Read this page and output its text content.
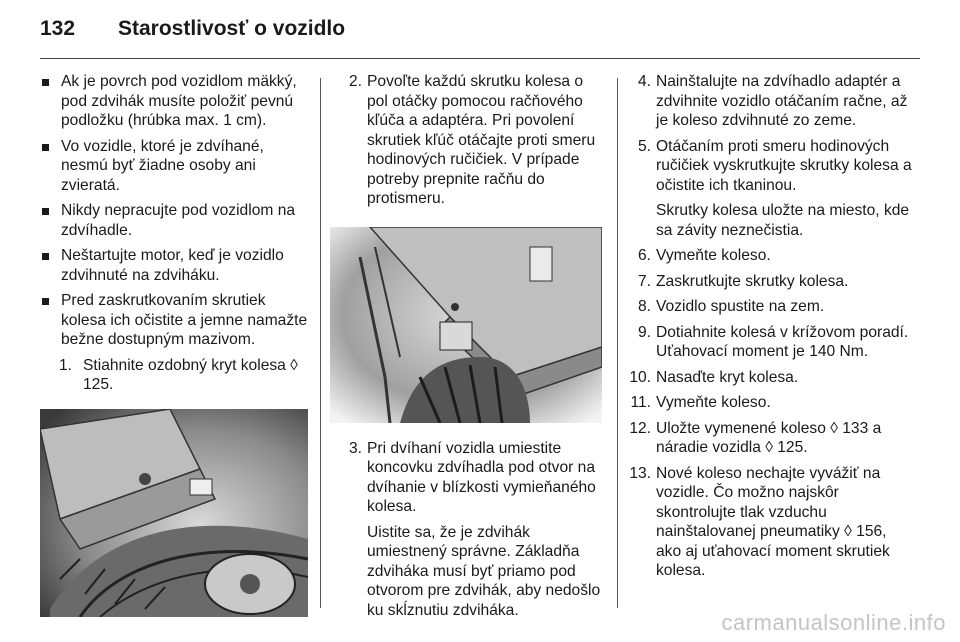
132 Starostlivosť o vozidlo
Ak je povrch pod vozidlom mäkký, pod zdvihák musíte položiť pevnú podložku (hrúbka max. 1 cm).
Vo vozidle, ktoré je zdvíhané, nesmú byť žiadne osoby ani zvieratá.
Nikdy nepracujte pod vozidlom na zdvíhadle.
Neštartujte motor, keď je vozidlo zdvihnuté na zdviháku.
Pred zaskrutkovaním skrutiek kolesa ich očistite a jemne namažte bežne dostupným mazivom.
1. Stiahnite ozdobný kryt kolesa ◊ 125.
2. Povoľte každú skrutku kolesa o pol otáčky pomocou račňového kľúča a adaptéra. Pri povolení skrutiek kľúč otáčajte proti smeru hodinových ručičiek. V prípade potreby prepnite račňu do protismeru.
3. Pri dvíhaní vozidla umiestite koncovku zdvíhadla pod otvor na dvíhanie v blízkosti vymieňaného kolesa.
Uistite sa, že je zdvihák umiestnený správne. Základňa zdviháka musí byť priamo pod otvorom pre zdvihák, aby nedošlo ku skĺznutiu zdviháka.
4. Nainštalujte na zdvíhadlo adaptér a zdvihnite vozidlo otáčaním račne, až je koleso zdvihnuté zo zeme.
5. Otáčaním proti smeru hodinových ručičiek vyskrutkujte skrutky kolesa a očistite ich tkaninou.
Skrutky kolesa uložte na miesto, kde sa závity neznečistia.
6. Vymeňte koleso.
7. Zaskrutkujte skrutky kolesa.
8. Vozidlo spustite na zem.
9. Dotiahnite kolesá v krížovom poradí. Uťahovací moment je 140 Nm.
10. Nasaďte kryt kolesa.
11. Vymeňte koleso.
12. Uložte vymenené koleso ◊ 133 a náradie vozidla ◊ 125.
13. Nové koleso nechajte vyvážiť na vozidle. Čo možno najskôr skontrolujte tlak vzduchu nainštalovanej pneumatiky ◊ 156, ako aj uťahovací moment skrutiek kolesa.
carmanualsonline.info
